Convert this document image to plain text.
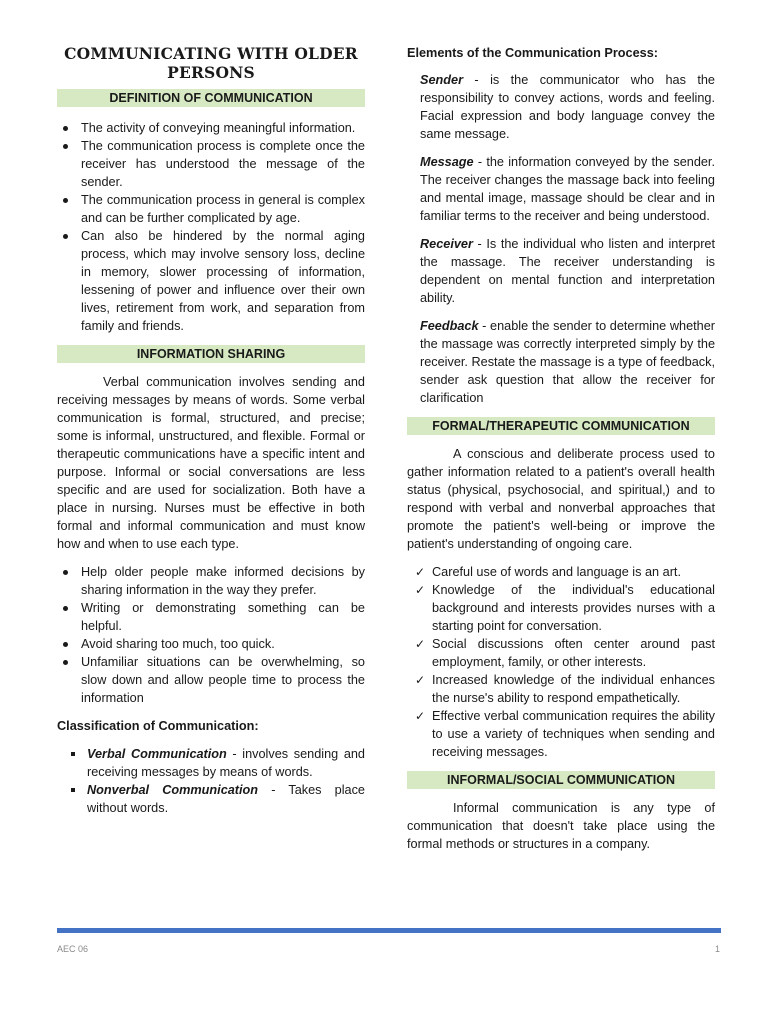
COMMUNICATING WITH OLDER PERSONS
DEFINITION OF COMMUNICATION
The activity of conveying meaningful information.
The communication process is complete once the receiver has understood the message of the sender.
The communication process in general is complex and can be further complicated by age.
Can also be hindered by the normal aging process, which may involve sensory loss, decline in memory, slower processing of information, lessening of power and influence over their own lives, retirement from work, and separation from family and friends.
INFORMATION SHARING

Verbal communication involves sending and receiving messages by means of words. Some verbal communication is formal, structured, and precise; some is informal, unstructured, and flexible. Formal or therapeutic communications have a specific intent and purpose. Informal or social conversations are less specific and are used for socialization. Both have a place in nursing. Nurses must be effective in both formal and informal communication and must know how and when to use each type.

Help older people make informed decisions by sharing information in the way they prefer.
Writing or demonstrating something can be helpful.
Avoid sharing too much, too quick.
Unfamiliar situations can be overwhelming, so slow down and allow people time to process the information
Classification of Communication:
Verbal Communication - involves sending and receiving messages by means of words.
Nonverbal Communication - Takes place without words.
Elements of the Communication Process:

Sender - is the communicator who has the responsibility to convey actions, words and feeling. Facial expression and body language convey the same message.

Message - the information conveyed by the sender. The receiver changes the massage back into feeling and mental image, massage should be clear and in familiar terms to the receiver and being understood.

Receiver - Is the individual who listen and interpret the massage. The receiver understanding is dependent on mental function and interpretation ability.

Feedback - enable the sender to determine whether the massage was correctly interpreted simply by the receiver. Restate the massage is a type of feedback, sender ask question that allow the receiver for clarification

FORMAL/THERAPEUTIC COMMUNICATION

A conscious and deliberate process used to gather information related to a patient's overall health status (physical, psychosocial, and spiritual,) and to respond with verbal and nonverbal approaches that promote the patient's well-being or improve the patient's understanding of ongoing care.

✓ Careful use of words and language is an art.
✓ Knowledge of the individual's educational background and interests provides nurses with a starting point for conversation.
✓ Social discussions often center around past employment, family, or other interests.
✓ Increased knowledge of the individual enhances the nurse's ability to respond empathetically.
✓ Effective verbal communication requires the ability to use a variety of techniques when sending and receiving messages.
INFORMAL/SOCIAL COMMUNICATION

Informal communication is any type of communication that doesn't take place using the formal methods or structures in a company.

AEC 06	1
